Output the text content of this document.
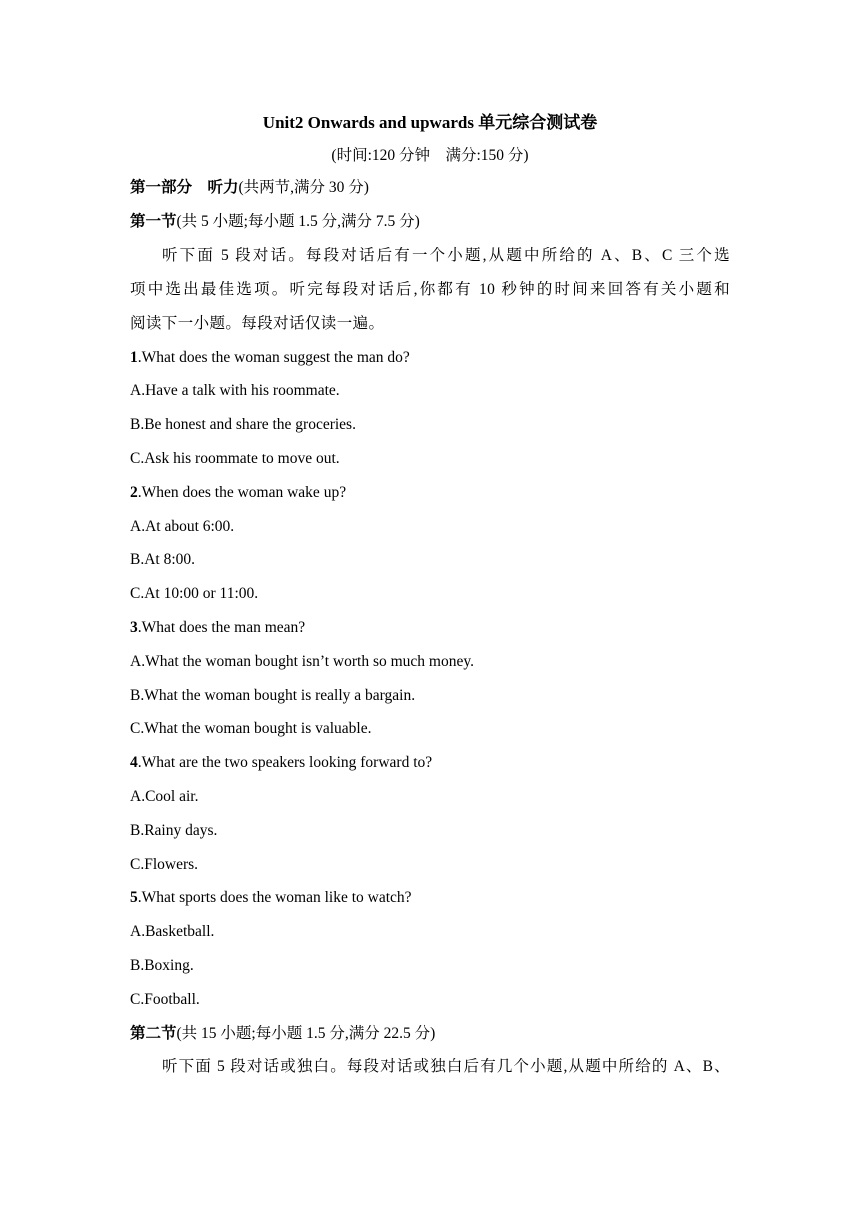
Unit2 Onwards and upwards 单元综合测试卷
(时间:120 分钟　满分:150 分)
第一部分　听力(共两节,满分 30 分)
第一节(共 5 小题;每小题 1.5 分,满分 7.5 分)
听下面 5 段对话。每段对话后有一个小题,从题中所给的 A、B、C 三个选
项中选出最佳选项。听完每段对话后,你都有 10 秒钟的时间来回答有关小题和
阅读下一小题。每段对话仅读一遍。
1.What does the woman suggest the man do?
A.Have a talk with his roommate.
B.Be honest and share the groceries.
C.Ask his roommate to move out.
2.When does the woman wake up?
A.At about 6:00.
B.At 8:00.
C.At 10:00 or 11:00.
3.What does the man mean?
A.What the woman bought isn’t worth so much money.
B.What the woman bought is really a bargain.
C.What the woman bought is valuable.
4.What are the two speakers looking forward to?
A.Cool air.
B.Rainy days.
C.Flowers.
5.What sports does the woman like to watch?
A.Basketball.
B.Boxing.
C.Football.
第二节(共 15 小题;每小题 1.5 分,满分 22.5 分)
听下面 5 段对话或独白。每段对话或独白后有几个小题,从题中所给的 A、B、
